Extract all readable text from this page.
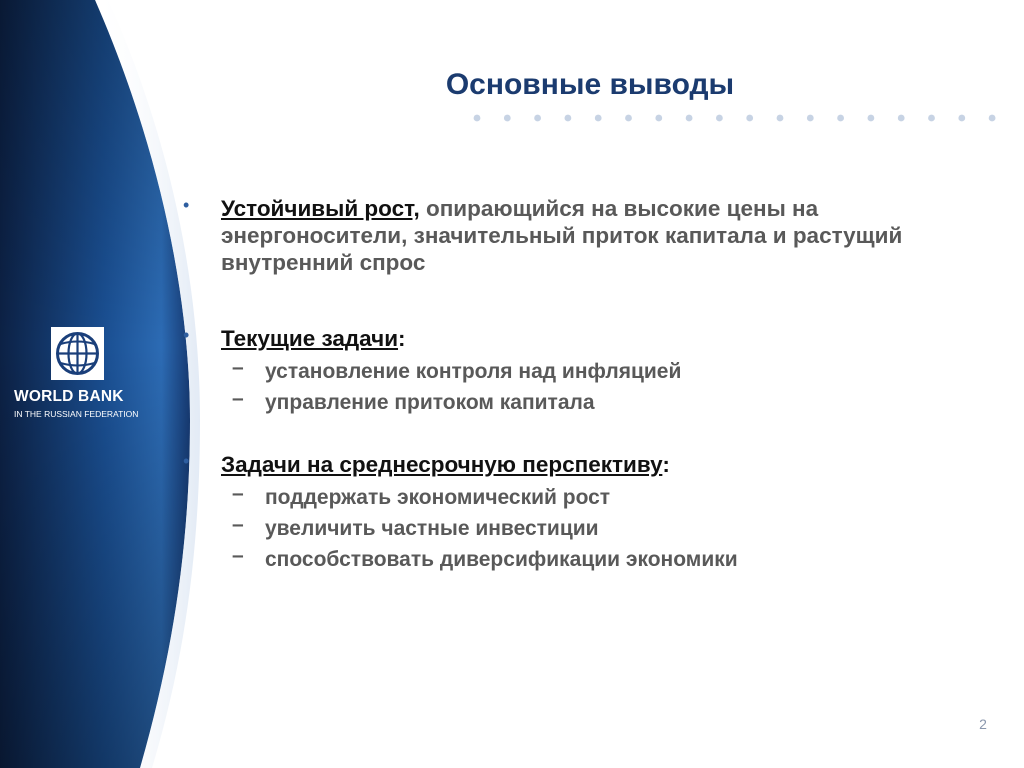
WORLD BANK
IN THE RUSSIAN FEDERATION
Основные выводы
• Устойчивый рост, опирающийся на высокие цены на энергоносители, значительный приток капитала и растущий внутренний спрос
• Текущие задачи:
– установление контроля над инфляцией
– управление притоком капитала
• Задачи на среднесрочную перспективу:
– поддержать экономический рост
– увеличить частные инвестиции
– способствовать диверсификации экономики
2
